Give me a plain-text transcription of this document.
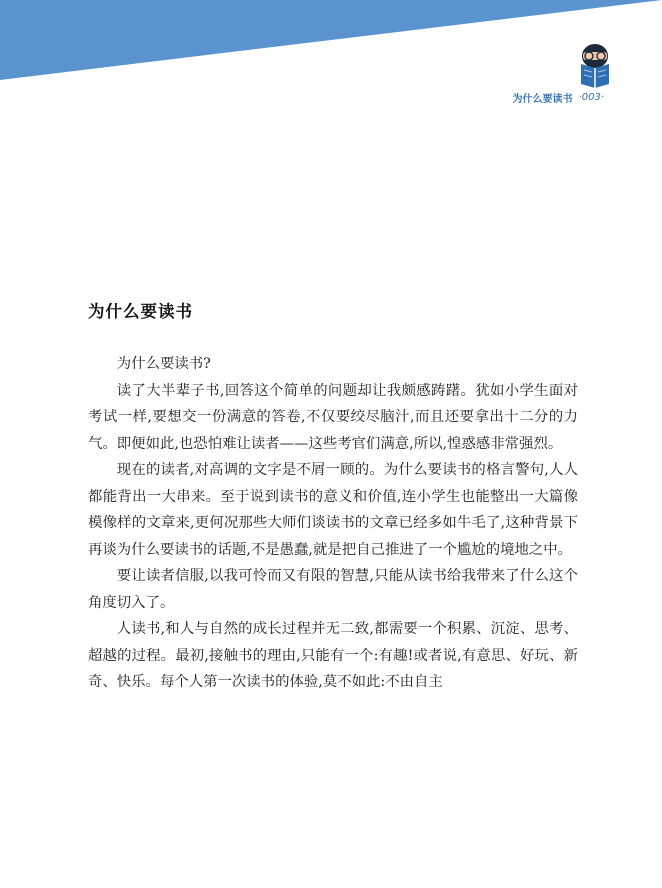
为什么要读书
· 003 ·
为什么要读书

为什么要读书?

读了大半辈子书,回答这个简单的问题却让我颇感踌躇。犹如小学生面对考试一样,要想交一份满意的答卷,不仅要绞尽脑汁,而且还要拿出十二分的力气。即便如此,也恐怕难让读者——这些考官们满意,所以,惶惑感非常强烈。

现在的读者,对高调的文字是不屑一顾的。为什么要读书的格言警句,人人都能背出一大串来。至于说到读书的意义和价值,连小学生也能整出一大篇像模像样的文章来,更何况那些大师们谈读书的文章已经多如牛毛了,这种背景下再谈为什么要读书的话题,不是愚蠢,就是把自己推进了一个尴尬的境地之中。

要让读者信服,以我可怜而又有限的智慧,只能从读书给我带来了什么这个角度切入了。

人读书,和人与自然的成长过程并无二致,都需要一个积累、沉淀、思考、超越的过程。最初,接触书的理由,只能有一个:有趣!或者说,有意思、好玩、新奇、快乐。每个人第一次读书的体验,莫不如此:不由自主
